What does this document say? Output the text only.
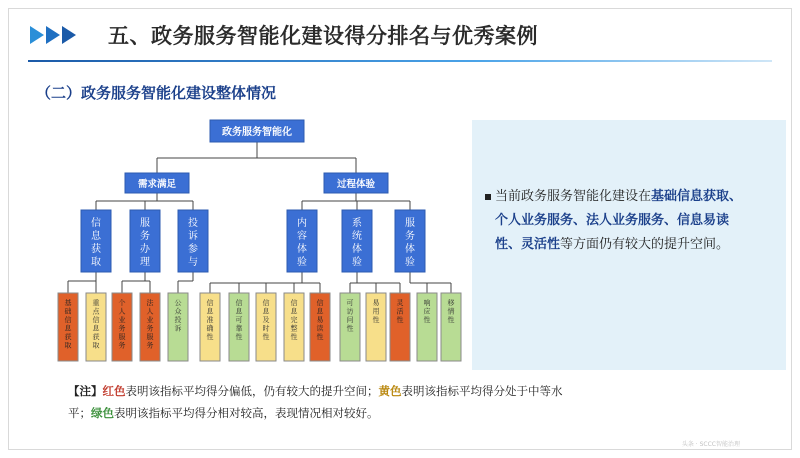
五、政务服务智能化建设得分排名与优秀案例
（二）政务服务智能化建设整体情况
当前政务服务智能化建设在基础信息获取、个人业务服务、法人业务服务、信息易读性、灵活性等方面仍有较大的提升空间。
政务服务智能化
需求满足	过程体验
信息获取
服务办理
投诉参与
内容体验
系统体验
服务体验
基础信息获取
重点信息获取
个人业务服务
法人业务服务
公众投诉
信息准确性
信息可靠性
信息及时性
信息完整性
信息易读性
可访问性
易用性
灵活性
响应性
移情性
【注】红色表明该指标平均得分偏低，仍有较大的提升空间；黄色表明该指标平均得分处于中等水平；绿色表明该指标平均得分相对较高，表现情况相对较好。
头条 · SCCC智能治理
